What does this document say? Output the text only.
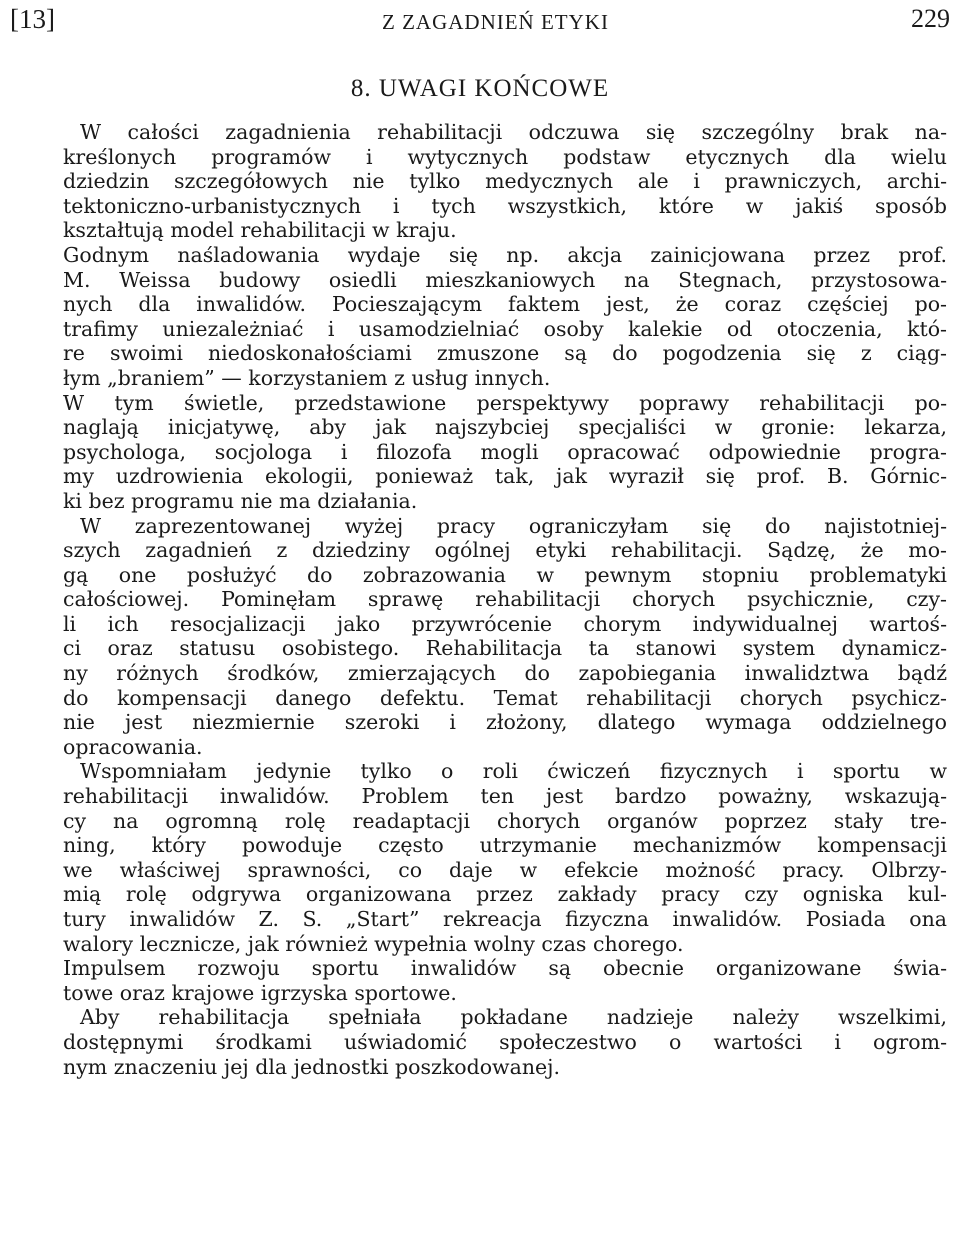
[13]	Z ZAGADNIEŃ ETYKI	229
8. UWAGI KOŃCOWE
W całości zagadnienia rehabilitacji odczuwa się szczególny brak na-
kreślonych programów i wytycznych podstaw etycznych dla wielu
dziedzin szczegółowych nie tylko medycznych ale i prawniczych, archi-
tektoniczno-urbanistycznych i tych wszystkich, które w jakiś sposób
kształtują model rehabilitacji w kraju.
Godnym naśladowania wydaje się np. akcja zainicjowana przez prof.
M. Weissa budowy osiedli mieszkaniowych na Stegnach, przystosowa-
nych dla inwalidów. Pocieszającym faktem jest, że coraz częściej po-
trafimy uniezależniać i usamodzielniać osoby kalekie od otoczenia, któ-
re swoimi niedoskonałościami zmuszone są do pogodzenia się z ciąg-
łym „braniem” — korzystaniem z usług innych.
W tym świetle, przedstawione perspektywy poprawy rehabilitacji po-
naglają inicjatywę, aby jak najszybciej specjaliści w gronie: lekarza,
psychologa, socjologa i filozofa mogli opracować odpowiednie progra-
my uzdrowienia ekologii, ponieważ tak, jak wyraził się prof. B. Górnic-
ki bez programu nie ma działania.
W zaprezentowanej wyżej pracy ograniczyłam się do najistotniej-
szych zagadnień z dziedziny ogólnej etyki rehabilitacji. Sądzę, że mo-
gą one posłużyć do zobrazowania w pewnym stopniu problematyki
całościowej. Pominęłam sprawę rehabilitacji chorych psychicznie, czy-
li ich resocjalizacji jako przywrócenie chorym indywidualnej wartoś-
ci oraz statusu osobistego. Rehabilitacja ta stanowi system dynamicz-
ny różnych środków, zmierzających do zapobiegania inwalidztwa bądź
do kompensacji danego defektu. Temat rehabilitacji chorych psychicz-
nie jest niezmiernie szeroki i złożony, dlatego wymaga oddzielnego
opracowania.
Wspomniałam jedynie tylko o roli ćwiczeń fizycznych i sportu w
rehabilitacji inwalidów. Problem ten jest bardzo poważny, wskazują-
cy na ogromną rolę readaptacji chorych organów poprzez stały tre-
ning, który powoduje często utrzymanie mechanizmów kompensacji
we właściwej sprawności, co daje w efekcie możność pracy. Olbrzy-
mią rolę odgrywa organizowana przez zakłady pracy czy ogniska kul-
tury inwalidów Z. S. „Start” rekreacja fizyczna inwalidów. Posiada ona
walory lecznicze, jak również wypełnia wolny czas chorego.
Impulsem rozwoju sportu inwalidów są obecnie organizowane świa-
towe oraz krajowe igrzyska sportowe.
Aby rehabilitacja spełniała pokładane nadzieje należy wszelkimi,
dostępnymi środkami uświadomić społeczestwo o wartości i ogrom-
nym znaczeniu jej dla jednostki poszkodowanej.
